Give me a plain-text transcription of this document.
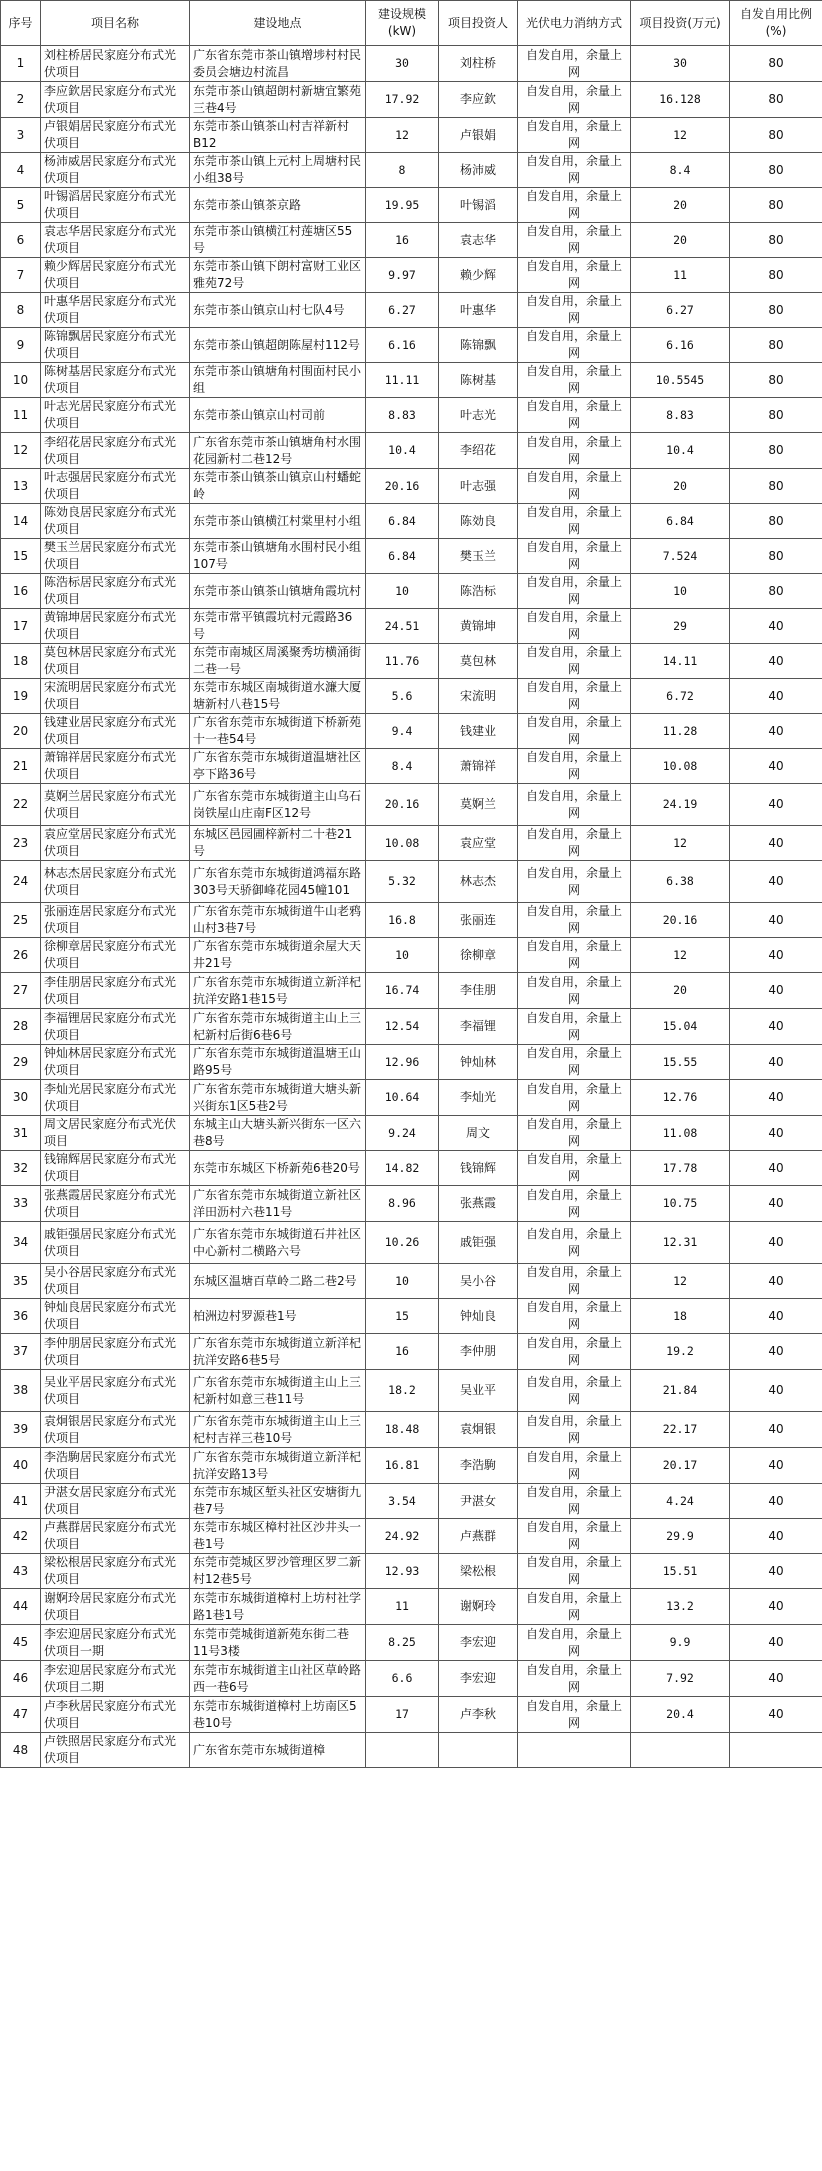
序号	项目名称	建设地点	建设规模(kW)	项目投资人	光伏电力消纳方式	项目投资(万元)	自发自用比例(%)

1	刘柱桥居民家庭分布式光伏项目	广东省东莞市茶山镇增埗村村民委员会塘边村流昌	30	刘柱桥	自发自用，余量上网	30	80

2	李应欽居民家庭分布式光伏项目	东莞市茶山镇超朗村新塘宜繁苑三巷4号	17.92	李应欽	自发自用，余量上网	16.128	80

3	卢银娟居民家庭分布式光伏项目	东莞市茶山镇茶山村吉祥新村B12	12	卢银娟	自发自用，余量上网	12	80

4	杨沛威居民家庭分布式光伏项目	东莞市茶山镇上元村上周塘村民小组38号	8	杨沛威	自发自用，余量上网	8.4	80

5	叶锡滔居民家庭分布式光伏项目	东莞市茶山镇茶京路	19.95	叶锡滔	自发自用，余量上网	20	80

6	袁志华居民家庭分布式光伏项目	东莞市茶山镇横江村莲塘区55号	16	袁志华	自发自用，余量上网	20	80

7	赖少辉居民家庭分布式光伏项目	东莞市茶山镇下朗村富财工业区雅苑72号	9.97	赖少辉	自发自用，余量上网	11	80

8	叶惠华居民家庭分布式光伏项目	东莞市茶山镇京山村七队4号	6.27	叶惠华	自发自用，余量上网	6.27	80

9	陈锦飘居民家庭分布式光伏项目	东莞市茶山镇超朗陈屋村112号	6.16	陈锦飘	自发自用，余量上网	6.16	80

10	陈树基居民家庭分布式光伏项目	东莞市茶山镇塘角村围面村民小组	11.11	陈树基	自发自用，余量上网	10.5545	80

11	叶志光居民家庭分布式光伏项目	东莞市茶山镇京山村司前	8.83	叶志光	自发自用，余量上网	8.83	80

12	李绍花居民家庭分布式光伏项目	广东省东莞市茶山镇塘角村水围花园新村二巷12号	10.4	李绍花	自发自用，余量上网	10.4	80

13	叶志强居民家庭分布式光伏项目	东莞市茶山镇茶山镇京山村蟠蛇岭	20.16	叶志强	自发自用，余量上网	20	80

14	陈効良居民家庭分布式光伏项目	东莞市茶山镇横江村棠里村小组	6.84	陈効良	自发自用，余量上网	6.84	80

15	樊玉兰居民家庭分布式光伏项目	东莞市茶山镇塘角水围村民小组107号	6.84	樊玉兰	自发自用，余量上网	7.524	80

16	陈浩标居民家庭分布式光伏项目	东莞市茶山镇茶山镇塘角霞坑村	10	陈浩标	自发自用，余量上网	10	80

17	黄锦坤居民家庭分布式光伏项目	东莞市常平镇霞坑村元霞路36号	24.51	黄锦坤	自发自用，余量上网	29	40

18	莫包林居民家庭分布式光伏项目	东莞市南城区周溪聚秀坊横涌街二巷一号	11.76	莫包林	自发自用，余量上网	14.11	40

19	宋流明居民家庭分布式光伏项目	东莞市东城区南城街道水濂大厦塘新村八巷15号	5.6	宋流明	自发自用，余量上网	6.72	40

20	钱建业居民家庭分布式光伏项目	广东省东莞市东城街道下桥新苑十一巷54号	9.4	钱建业	自发自用，余量上网	11.28	40

21	萧锦祥居民家庭分布式光伏项目	广东省东莞市东城街道温塘社区亭下路36号	8.4	萧锦祥	自发自用，余量上网	10.08	40

22	莫婀兰居民家庭分布式光伏项目	广东省东莞市东城街道主山乌石岗铁屋山庄南F区12号	20.16	莫婀兰	自发自用，余量上网	24.19	40

23	袁应堂居民家庭分布式光伏项目	东城区邑园圃梓新村二十巷21号	10.08	袁应堂	自发自用，余量上网	12	40

24	林志杰居民家庭分布式光伏项目	广东省东莞市东城街道鸿福东路303号天骄御峰花园45幢101	5.32	林志杰	自发自用，余量上网	6.38	40

25	张丽连居民家庭分布式光伏项目	广东省东莞市东城街道牛山老鸦山村3巷7号	16.8	张丽连	自发自用，余量上网	20.16	40

26	徐柳章居民家庭分布式光伏项目	广东省东莞市东城街道余屋大天井21号	10	徐柳章	自发自用，余量上网	12	40

27	李佳朋居民家庭分布式光伏项目	广东省东莞市东城街道立新洋杞抗洋安路1巷15号	16.74	李佳朋	自发自用，余量上网	20	40

28	李福锂居民家庭分布式光伏项目	广东省东莞市东城街道主山上三杞新村后街6巷6号	12.54	李福锂	自发自用，余量上网	15.04	40

29	钟灿林居民家庭分布式光伏项目	广东省东莞市东城街道温塘王山路95号	12.96	钟灿林	自发自用，余量上网	15.55	40

30	李灿光居民家庭分布式光伏项目	广东省东莞市东城街道大塘头新兴街东1区5巷2号	10.64	李灿光	自发自用，余量上网	12.76	40

31	周文居民家庭分布式光伏项目	东城主山大塘头新兴街东一区六巷8号	9.24	周文	自发自用，余量上网	11.08	40

32	钱锦辉居民家庭分布式光伏项目	东莞市东城区下桥新苑6巷20号	14.82	钱锦辉	自发自用，余量上网	17.78	40

33	张燕霞居民家庭分布式光伏项目	广东省东莞市东城街道立新社区洋田沥村六巷11号	8.96	张燕霞	自发自用，余量上网	10.75	40

34	戚钜强居民家庭分布式光伏项目	广东省东莞市东城街道石井社区中心新村二横路六号	10.26	戚钜强	自发自用，余量上网	12.31	40

35	吴小谷居民家庭分布式光伏项目	东城区温塘百草岭二路二巷2号	10	吴小谷	自发自用，余量上网	12	40

36	钟灿良居民家庭分布式光伏项目	柏洲边村罗源巷1号	15	钟灿良	自发自用，余量上网	18	40

37	李仲朋居民家庭分布式光伏项目	广东省东莞市东城街道立新洋杞抗洋安路6巷5号	16	李仲朋	自发自用，余量上网	19.2	40

38	吴业平居民家庭分布式光伏项目	广东省东莞市东城街道主山上三杞新村如意三巷11号	18.2	吴业平	自发自用，余量上网	21.84	40

39	袁炯银居民家庭分布式光伏项目	广东省东莞市东城街道主山上三杞村吉祥三巷10号	18.48	袁炯银	自发自用，余量上网	22.17	40

40	李浩駒居民家庭分布式光伏项目	广东省东莞市东城街道立新洋杞抗洋安路13号	16.81	李浩駒	自发自用，余量上网	20.17	40

41	尹湛女居民家庭分布式光伏项目	东莞市东城区堑头社区安塘街九巷7号	3.54	尹湛女	自发自用，余量上网	4.24	40

42	卢燕群居民家庭分布式光伏项目	东莞市东城区樟村社区沙井头一巷1号	24.92	卢燕群	自发自用，余量上网	29.9	40

43	梁松根居民家庭分布式光伏项目	东莞市莞城区罗沙管理区罗二新村12巷5号	12.93	梁松根	自发自用，余量上网	15.51	40

44	谢婀玲居民家庭分布式光伏项目	东莞市东城街道樟村上坊村社学路1巷1号	11	谢婀玲	自发自用，余量上网	13.2	40

45	李宏迎居民家庭分布式光伏项目一期	东莞市莞城街道新苑东街二巷11号3楼	8.25	李宏迎	自发自用，余量上网	9.9	40

46	李宏迎居民家庭分布式光伏项目二期	东莞市东城街道主山社区草岭路西一巷6号	6.6	李宏迎	自发自用，余量上网	7.92	40

47	卢李秋居民家庭分布式光伏项目	东莞市东城街道樟村上坊南区5巷10号	17	卢李秋	自发自用，余量上网	20.4	40

48	卢铁照居民家庭分布式光伏项目	广东省东莞市东城街道樟					
